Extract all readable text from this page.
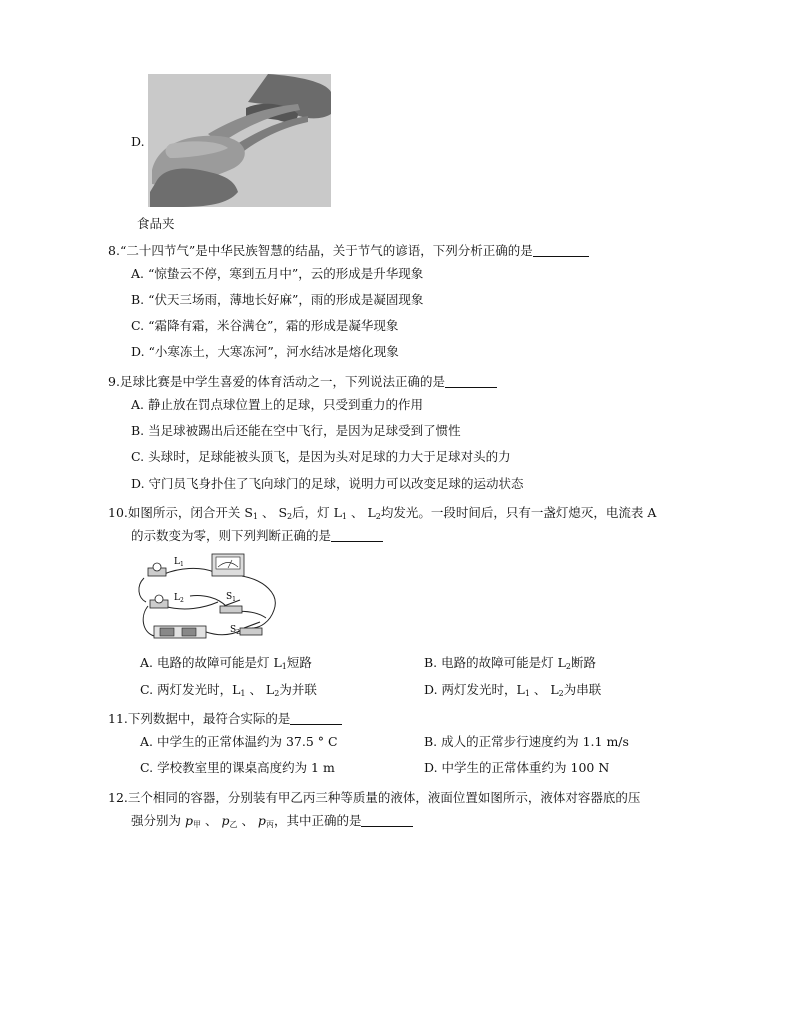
D.
食品夹
8.“二十四节气”是中华民族智慧的结晶，关于节气的谚语，下列分析正确的是
A. “惊蛰云不停，寒到五月中”，云的形成是升华现象
B. “伏天三场雨，薄地长好麻”，雨的形成是凝固现象
C. “霜降有霜，米谷满仓”，霜的形成是凝华现象
D. “小寒冻土，大寒冻河”，河水结冰是熔化现象
9.足球比赛是中学生喜爱的体育活动之一，下列说法正确的是
A. 静止放在罚点球位置上的足球，只受到重力的作用
B. 当足球被踢出后还能在空中飞行，是因为足球受到了惯性
C. 头球时，足球能被头顶飞，是因为头对足球的力大于足球对头的力
D. 守门员飞身扑住了飞向球门的足球，说明力可以改变足球的运动状态
10.如图所示，闭合开关 $S_1$ 、 $S_2$后，灯 $L_1$ 、 $L_2$均发光。一段时间后，只有一盏灯熄灭，电流表 A
的示数变为零，则下列判断正确的是
$L_1$
$L_2$	$S_1$
$S_2$
A. 电路的故障可能是灯 $L_1$短路	B. 电路的故障可能是灯 $L_2$断路
C. 两灯发光时，$L_1$ 、 $L_2$为并联	D. 两灯发光时，$L_1$ 、 $L_2$为串联
11.下列数据中，最符合实际的是
A. 中学生的正常体温约为 37.5 ° C	B. 成人的正常步行速度约为 1.1 m/s
C. 学校教室里的课桌高度约为 1 m	D. 中学生的正常体重约为 100 N
12.三个相同的容器，分别装有甲乙丙三种等质量的液体，液面位置如图所示，液体对容器底的压
强分别为 $p_甲$ 、 $p_乙$ 、 $p_丙$，其中正确的是
